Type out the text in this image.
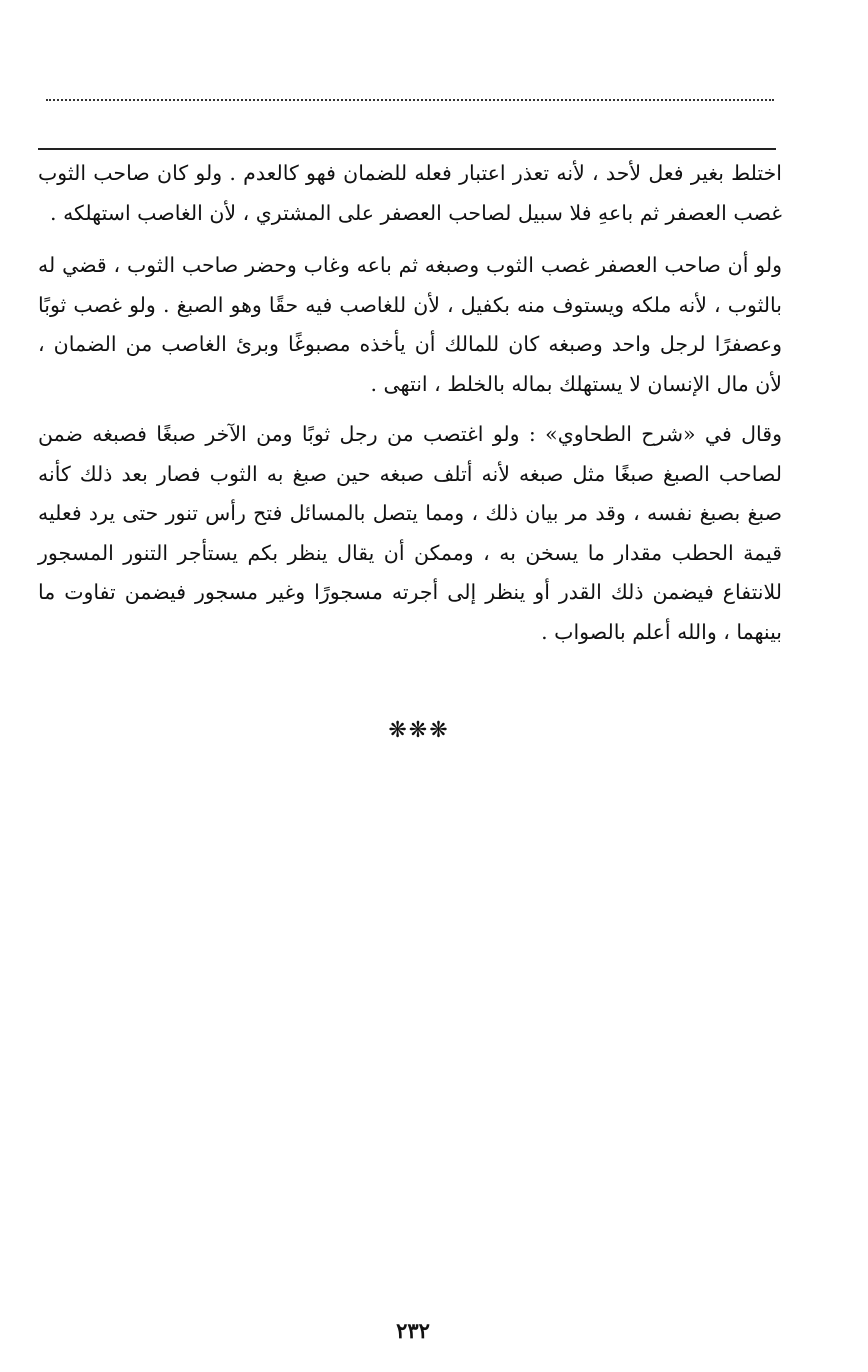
اختلط بغير فعل لأحد ، لأنه تعذر اعتبار فعله للضمان فهو كالعدم . ولو كان صاحب الثوب غصب العصفر ثم باعهِ فلا سبيل لصاحب العصفر على المشتري ، لأن الغاصب استهلكه .

ولو أن صاحب العصفر غصب الثوب وصبغه ثم باعه وغاب وحضر صاحب الثوب ، قضي له بالثوب ، لأنه ملكه ويستوف منه بكفيل ، لأن للغاصب فيه حقًا وهو الصبغ . ولو غصب ثوبًا وعصفرًا لرجل واحد وصبغه كان للمالك أن يأخذه مصبوغًا وبرئ الغاصب من الضمان ، لأن مال الإنسان لا يستهلك بماله بالخلط ، انتهى .

وقال في «شرح الطحاوي» : ولو اغتصب من رجل ثوبًا ومن الآخر صبغًا فصبغه ضمن لصاحب الصبغ صبغًا مثل صبغه لأنه أتلف صبغه حين صبغ به الثوب فصار بعد ذلك كأنه صبغ بصبغ نفسه ، وقد مر بيان ذلك ، ومما يتصل بالمسائل فتح رأس تنور حتى يرد فعليه قيمة الحطب مقدار ما يسخن به ، وممكن أن يقال ينظر بكم يستأجر التنور المسجور للانتفاع فيضمن ذلك القدر أو ينظر إلى أجرته مسجورًا وغير مسجور فيضمن تفاوت ما بينهما ، والله أعلم بالصواب .

❋❋❋
٢٣٢
